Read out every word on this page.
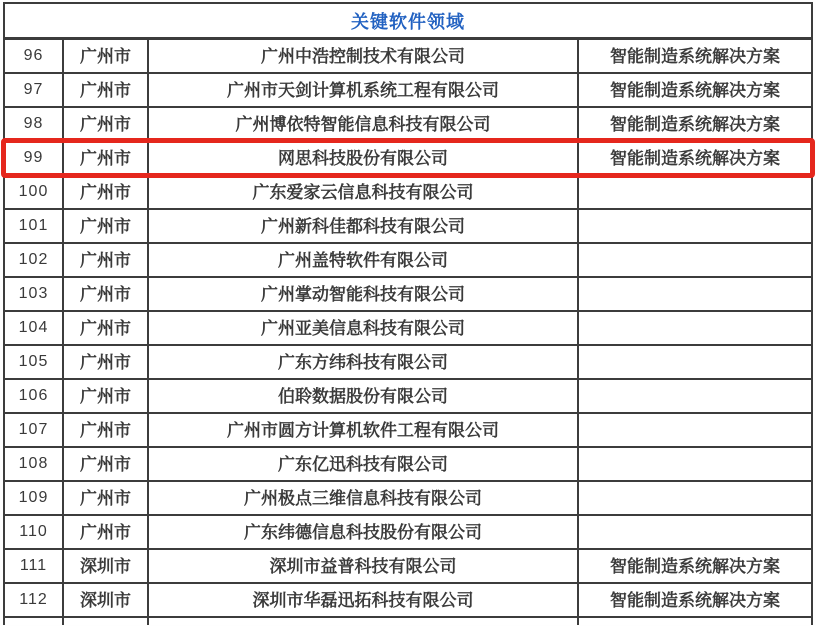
关键软件领域
96	广州市	广州中浩控制技术有限公司	智能制造系统解决方案
97	广州市	广州市天剑计算机系统工程有限公司	智能制造系统解决方案
98	广州市	广州博依特智能信息科技有限公司	智能制造系统解决方案
99	广州市	网思科技股份有限公司	智能制造系统解决方案
100	广州市	广东爱家云信息科技有限公司
101	广州市	广州新科佳都科技有限公司
102	广州市	广州盖特软件有限公司
103	广州市	广州掌动智能科技有限公司
104	广州市	广州亚美信息科技有限公司
105	广州市	广东方纬科技有限公司
106	广州市	伯聆数据股份有限公司
107	广州市	广州市圆方计算机软件工程有限公司
108	广州市	广东亿迅科技有限公司
109	广州市	广州极点三维信息科技有限公司
110	广州市	广东纬德信息科技股份有限公司
111	深圳市	深圳市益普科技有限公司	智能制造系统解决方案
112	深圳市	深圳市华磊迅拓科技有限公司	智能制造系统解决方案
